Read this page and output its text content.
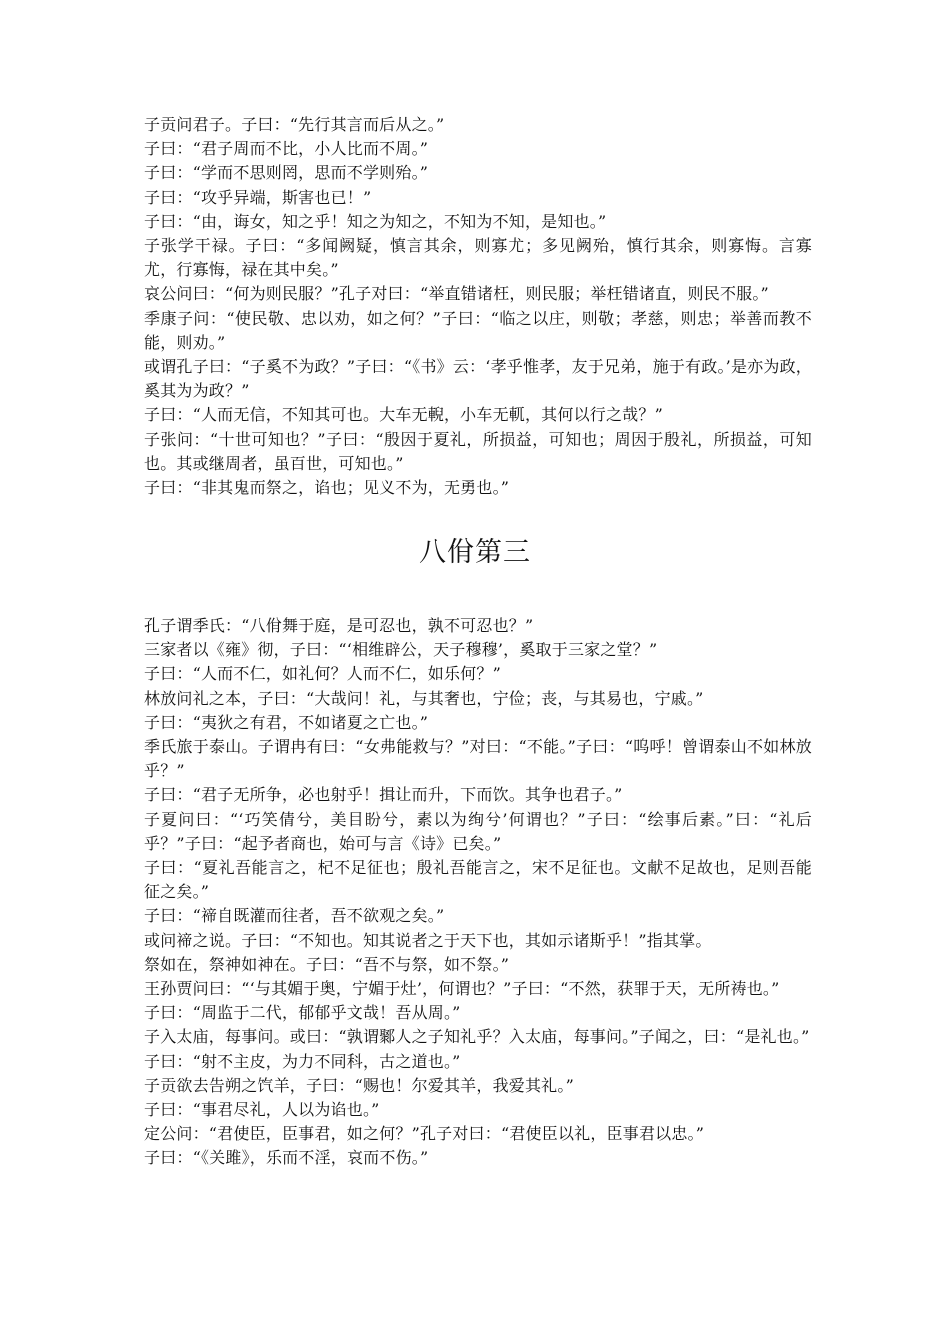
子贡问君子。子曰：“先行其言而后从之。”

子曰：“君子周而不比，小人比而不周。”

子曰：“学而不思则罔，思而不学则殆。”

子曰：“攻乎异端，斯害也已！”

子曰：“由，诲女，知之乎！知之为知之，不知为不知，是知也。”

子张学干禄。子曰：“多闻阙疑，慎言其余，则寡尤；多见阙殆，慎行其余，则寡悔。言寡尤，行寡悔，禄在其中矣。”

哀公问曰：“何为则民服？”孔子对曰：“举直错诸枉，则民服；举枉错诸直，则民不服。”

季康子问：“使民敬、忠以劝，如之何？”子曰：“临之以庄，则敬；孝慈，则忠；举善而教不能，则劝。”

或谓孔子曰：“子奚不为政？”子曰：“《书》云：‘孝乎惟孝，友于兄弟，施于有政。’是亦为政，奚其为为政？”

子曰：“人而无信，不知其可也。大车无輗，小车无軏，其何以行之哉？”

子张问：“十世可知也？”子曰：“殷因于夏礼，所损益，可知也；周因于殷礼，所损益，可知也。其或继周者，虽百世，可知也。”

子曰：“非其鬼而祭之，谄也；见义不为，无勇也。”

八佾第三

孔子谓季氏：“八佾舞于庭，是可忍也，孰不可忍也？”

三家者以《雍》彻，子曰：“‘相维辟公，天子穆穆’，奚取于三家之堂？”

子曰：“人而不仁，如礼何？人而不仁，如乐何？”

林放问礼之本，子曰：“大哉问！礼，与其奢也，宁俭；丧，与其易也，宁戚。”

子曰：“夷狄之有君，不如诸夏之亡也。”

季氏旅于泰山。子谓冉有曰：“女弗能救与？”对曰：“不能。”子曰：“呜呼！曾谓泰山不如林放乎？”

子曰：“君子无所争，必也射乎！揖让而升，下而饮。其争也君子。”

子夏问曰：“‘巧笑倩兮，美目盼兮，素以为绚兮’何谓也？”子曰：“绘事后素。”曰：“礼后乎？”子曰：“起予者商也，始可与言《诗》已矣。”

子曰：“夏礼吾能言之，杞不足征也；殷礼吾能言之，宋不足征也。文献不足故也，足则吾能征之矣。”

子曰：“禘自既灌而往者，吾不欲观之矣。”

或问禘之说。子曰：“不知也。知其说者之于天下也，其如示诸斯乎！”指其掌。

祭如在，祭神如神在。子曰：“吾不与祭，如不祭。”

王孙贾问曰：“‘与其媚于奥，宁媚于灶’，何谓也？”子曰：“不然，获罪于天，无所祷也。”

子曰：“周监于二代，郁郁乎文哉！吾从周。”

子入太庙，每事问。或曰：“孰谓鄹人之子知礼乎？入太庙，每事问。”子闻之，曰：“是礼也。”

子曰：“射不主皮，为力不同科，古之道也。”

子贡欲去告朔之饩羊，子曰：“赐也！尔爱其羊，我爱其礼。”

子曰：“事君尽礼，人以为谄也。”

定公问：“君使臣，臣事君，如之何？”孔子对曰：“君使臣以礼，臣事君以忠。”

子曰：“《关雎》，乐而不淫，哀而不伤。”
